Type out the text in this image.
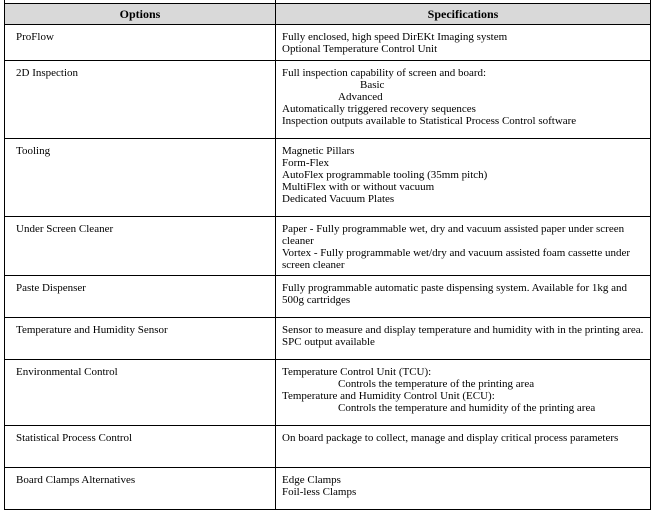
Options	Specifications
ProFlow	Fully enclosed, high speed DirEKt Imaging system
Optional Temperature Control Unit

2D Inspection	Full inspection capability of screen and board:
Basic
Advanced
Automatically triggered recovery sequences
Inspection outputs available to Statistical Process Control software

Tooling	Magnetic Pillars
Form-Flex
AutoFlex programmable tooling (35mm pitch)
MultiFlex with or without vacuum
Dedicated Vacuum Plates

Under Screen Cleaner	Paper - Fully programmable wet, dry and vacuum assisted paper under screen cleaner
Vortex - Fully programmable wet/dry and vacuum assisted foam cassette under screen cleaner

Paste Dispenser	Fully programmable automatic paste dispensing system. Available for 1kg and 500g cartridges

Temperature and Humidity Sensor	Sensor to measure and display temperature and humidity with in the printing area. SPC output available

Environmental Control	Temperature Control Unit (TCU):
Controls the temperature of the printing area
Temperature and Humidity Control Unit (ECU):
Controls the temperature and humidity of the printing area

Statistical Process Control	On board package to collect, manage and display critical process parameters

Board Clamps Alternatives	Edge Clamps
Foil-less Clamps
